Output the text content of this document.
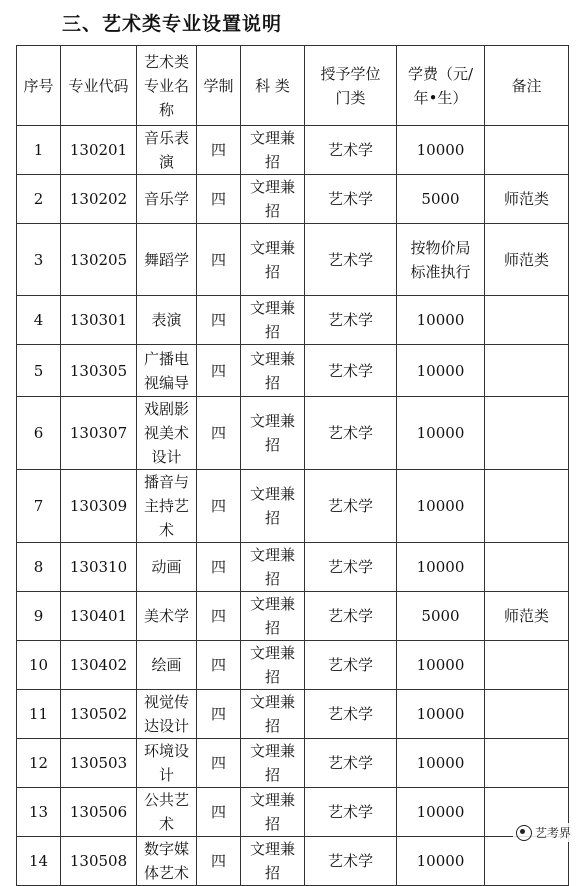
三、艺术类专业设置说明
序号	专业代码	艺术类专业名称	学制	科 类	授予学位门类	学费（元/年•生）	备注

1	130201	音乐表演	四	文理兼招	艺术学	10000	

2	130202	音乐学	四	文理兼招	艺术学	5000	师范类

3	130205	舞蹈学	四	文理兼招	艺术学	按物价局标准执行	师范类

4	130301	表演	四	文理兼招	艺术学	10000	

5	130305	广播电视编导	四	文理兼招	艺术学	10000	

6	130307	戏剧影视美术设计	四	文理兼招	艺术学	10000	

7	130309	播音与主持艺术	四	文理兼招	艺术学	10000	

8	130310	动画	四	文理兼招	艺术学	10000	

9	130401	美术学	四	文理兼招	艺术学	5000	师范类

10	130402	绘画	四	文理兼招	艺术学	10000	

11	130502	视觉传达设计	四	文理兼招	艺术学	10000	

12	130503	环境设计	四	文理兼招	艺术学	10000	

13	130506	公共艺术	四	文理兼招	艺术学	10000	

14	130508	数字媒体艺术	四	文理兼招	艺术学	10000	

艺考界
